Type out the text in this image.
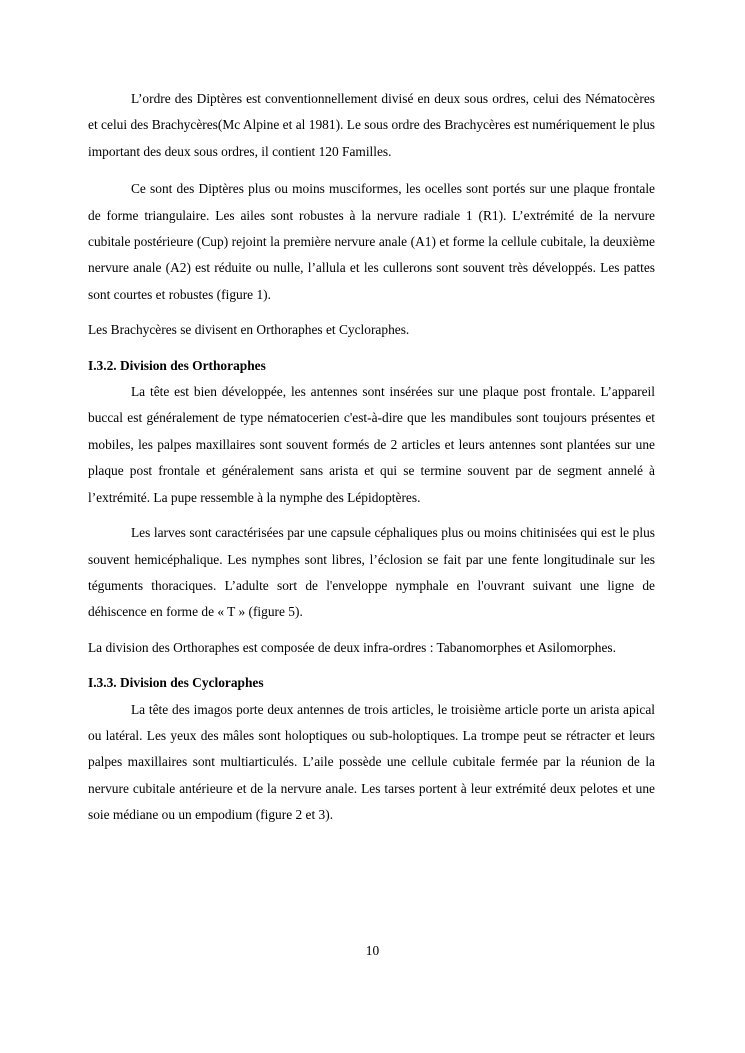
L’ordre des Diptères est conventionnellement divisé en deux sous ordres, celui des Nématocères et celui des Brachycères(Mc Alpine et al 1981). Le sous ordre des Brachycères est numériquement le plus important des deux sous ordres, il contient 120 Familles.

Ce sont des Diptères plus ou moins musciformes, les ocelles sont portés sur une plaque frontale de forme triangulaire. Les ailes sont robustes à la nervure radiale 1 (R1). L’extrémité de la nervure cubitale postérieure (Cup) rejoint la première nervure anale (A1) et forme la cellule cubitale, la deuxième nervure anale (A2) est réduite ou nulle, l’allula et les cullerons sont souvent très développés. Les pattes sont courtes et robustes (figure 1).

Les Brachycères se divisent en Orthoraphes et Cycloraphes.

I.3.2. Division des Orthoraphes

La tête est bien développée, les antennes sont insérées sur une plaque post frontale. L’appareil buccal est généralement de type nématocerien c'est-à-dire que les mandibules sont toujours présentes et mobiles, les palpes maxillaires sont souvent formés de 2 articles et leurs antennes sont plantées sur une plaque post frontale et généralement sans arista et qui se termine souvent par de segment annelé à l’extrémité. La pupe ressemble à la nymphe des Lépidoptères.

Les larves sont caractérisées par une capsule céphaliques plus ou moins chitinisées qui est le plus souvent hemicéphalique. Les nymphes sont libres, l’éclosion se fait par une fente longitudinale sur les téguments thoraciques. L’adulte sort de l'enveloppe nymphale en l'ouvrant suivant une ligne de déhiscence en forme de « T » (figure 5).

La division des Orthoraphes est composée de deux infra-ordres : Tabanomorphes et Asilomorphes.

I.3.3. Division des Cycloraphes

La tête des imagos porte deux antennes de trois articles, le troisième article porte un arista apical ou latéral. Les yeux des mâles sont holoptiques ou sub-holoptiques. La trompe peut se rétracter et leurs palpes maxillaires sont multiarticulés. L’aile possède une cellule cubitale fermée par la réunion de la nervure cubitale antérieure et de la nervure anale. Les tarses portent à leur extrémité deux pelotes et une soie médiane ou un empodium (figure 2 et 3).

10
